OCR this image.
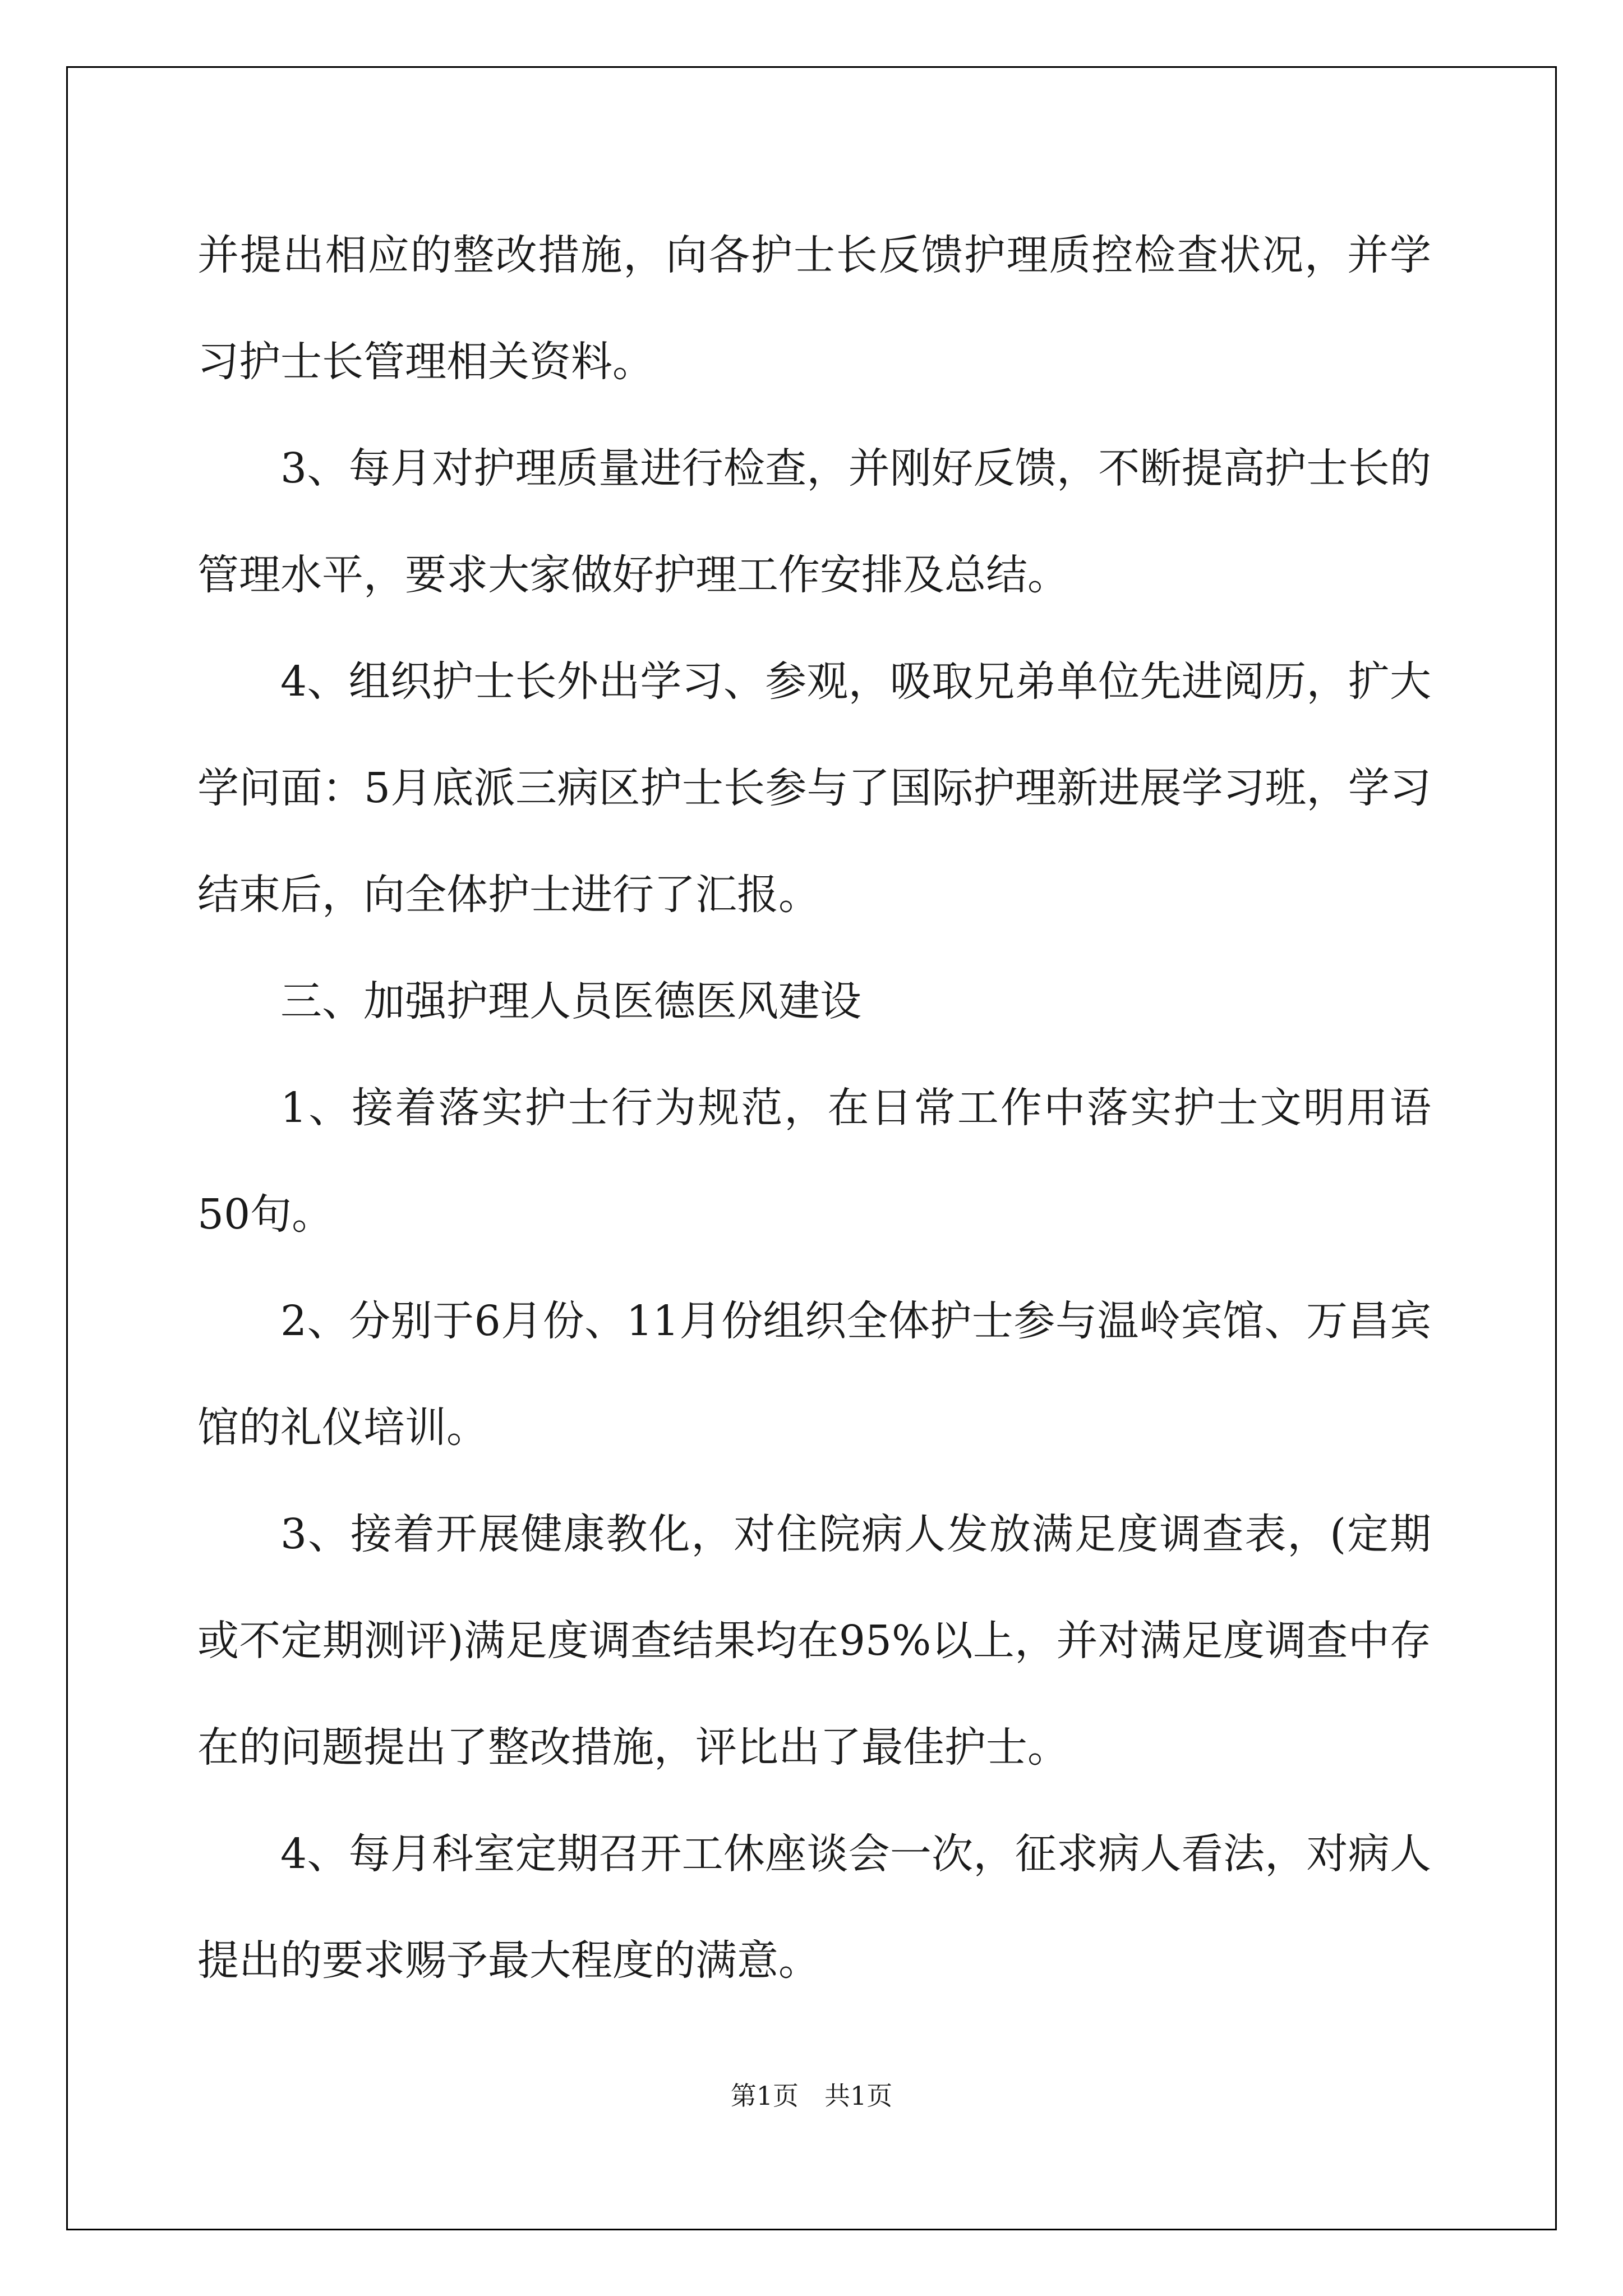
并提出相应的整改措施，向各护士长反馈护理质控检查状况，并学习护士长管理相关资料。

3、每月对护理质量进行检查，并刚好反馈，不断提高护士长的管理水平，要求大家做好护理工作安排及总结。

4、组织护士长外出学习、参观，吸取兄弟单位先进阅历，扩大学问面：5月底派三病区护士长参与了国际护理新进展学习班，学习结束后，向全体护士进行了汇报。

三、加强护理人员医德医风建设

1、接着落实护士行为规范，在日常工作中落实护士文明用语50句。

2、分别于6月份、11月份组织全体护士参与温岭宾馆、万昌宾馆的礼仪培训。

3、接着开展健康教化，对住院病人发放满足度调查表，(定期或不定期测评)满足度调查结果均在95%以上，并对满足度调查中存在的问题提出了整改措施，评比出了最佳护士。

4、每月科室定期召开工休座谈会一次，征求病人看法，对病人提出的要求赐予最大程度的满意。

第1页　共1页
